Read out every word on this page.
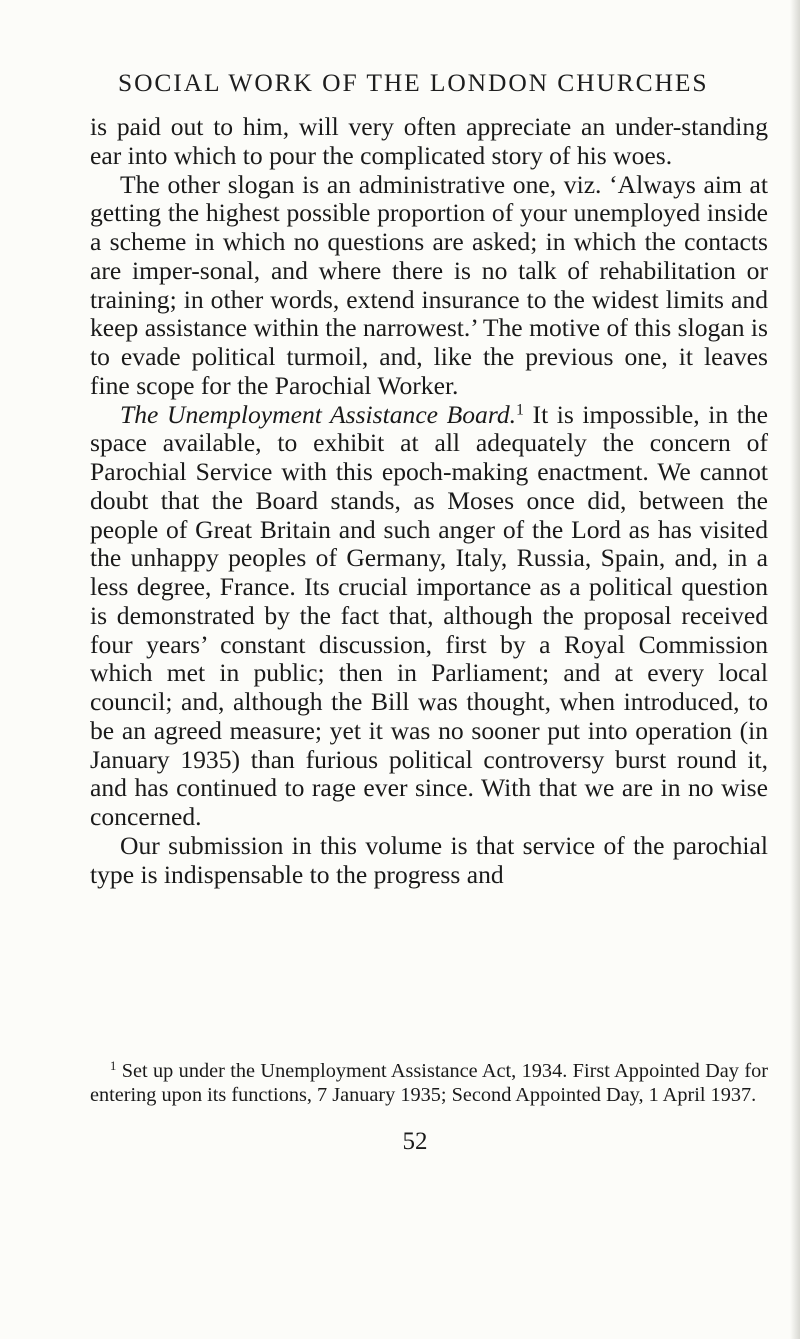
SOCIAL WORK OF THE LONDON CHURCHES

is paid out to him, will very often appreciate an under-standing ear into which to pour the complicated story of his woes.

The other slogan is an administrative one, viz. ‘Always aim at getting the highest possible proportion of your unemployed inside a scheme in which no questions are asked; in which the contacts are imper-sonal, and where there is no talk of rehabilitation or training; in other words, extend insurance to the widest limits and keep assistance within the narrowest.’ The motive of this slogan is to evade political turmoil, and, like the previous one, it leaves fine scope for the Parochial Worker.

The Unemployment Assistance Board.$^1$ It is impossible, in the space available, to exhibit at all adequately the concern of Parochial Service with this epoch-making enactment. We cannot doubt that the Board stands, as Moses once did, between the people of Great Britain and such anger of the Lord as has visited the unhappy peoples of Germany, Italy, Russia, Spain, and, in a less degree, France. Its crucial importance as a political question is demonstrated by the fact that, although the proposal received four years’ constant discussion, first by a Royal Commission which met in public; then in Parliament; and at every local council; and, although the Bill was thought, when introduced, to be an agreed measure; yet it was no sooner put into operation (in January 1935) than furious political controversy burst round it, and has continued to rage ever since. With that we are in no wise concerned.

Our submission in this volume is that service of the parochial type is indispensable to the progress and

$^1$ Set up under the Unemployment Assistance Act, 1934. First Appointed Day for entering upon its functions, 7 January 1935; Second Appointed Day, 1 April 1937.

52
